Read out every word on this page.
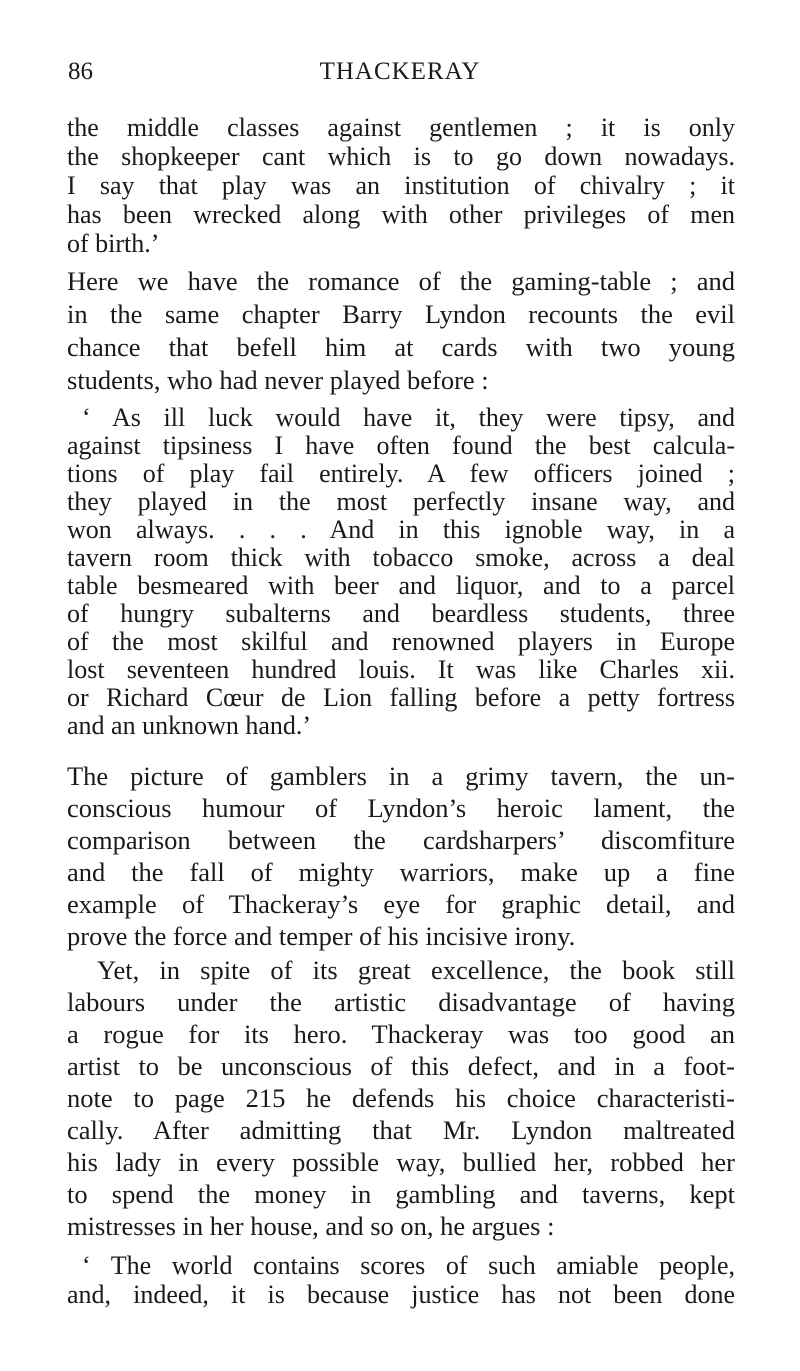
86	THACKERAY
the middle classes against gentlemen ; it is only
the shopkeeper cant which is to go down nowadays.
I say that play was an institution of chivalry ; it
has been wrecked along with other privileges of men
of birth.’
Here we have the romance of the gaming-table ; and
in the same chapter Barry Lyndon recounts the evil
chance that befell him at cards with two young
students, who had never played before :
‘ As ill luck would have it, they were tipsy, and
against tipsiness I have often found the best calcula-
tions of play fail entirely. A few officers joined ;
they played in the most perfectly insane way, and
won always. . . . And in this ignoble way, in a
tavern room thick with tobacco smoke, across a deal
table besmeared with beer and liquor, and to a parcel
of hungry subalterns and beardless students, three
of the most skilful and renowned players in Europe
lost seventeen hundred louis. It was like Charles xii.
or Richard Cœur de Lion falling before a petty fortress
and an unknown hand.’
The picture of gamblers in a grimy tavern, the un-
conscious humour of Lyndon’s heroic lament, the
comparison between the cardsharpers’ discomfiture
and the fall of mighty warriors, make up a fine
example of Thackeray’s eye for graphic detail, and
prove the force and temper of his incisive irony.
Yet, in spite of its great excellence, the book still
labours under the artistic disadvantage of having
a rogue for its hero. Thackeray was too good an
artist to be unconscious of this defect, and in a foot-
note to page 215 he defends his choice characteristi-
cally. After admitting that Mr. Lyndon maltreated
his lady in every possible way, bullied her, robbed her
to spend the money in gambling and taverns, kept
mistresses in her house, and so on, he argues :
‘ The world contains scores of such amiable people,
and, indeed, it is because justice has not been done
